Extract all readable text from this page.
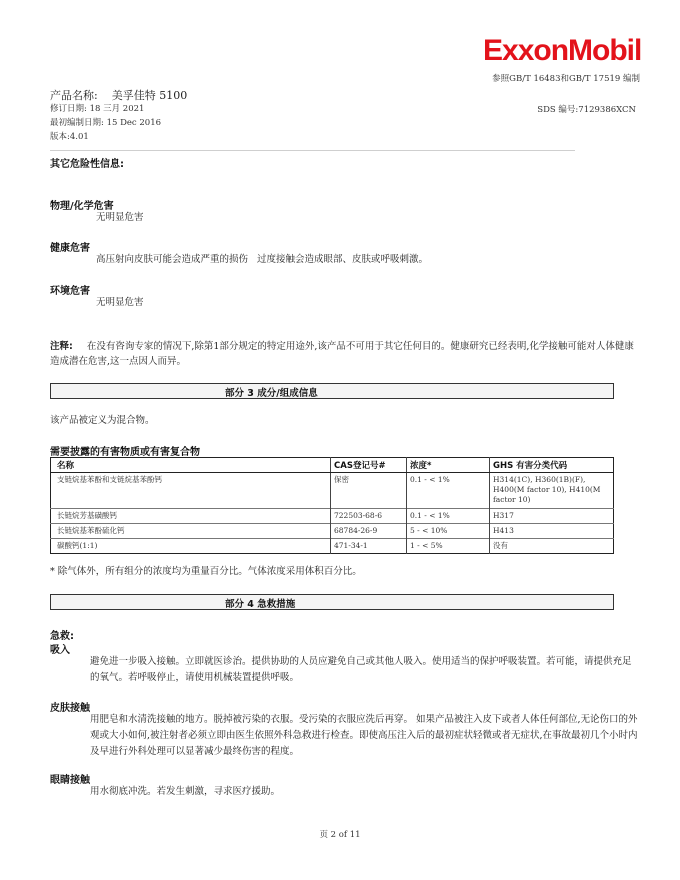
ExxonMobil
参照GB/T 16483和GB/T 17519 编制
产品名称: 美孚佳特 5100
修订日期: 18 三月 2021
最初编制日期: 15 Dec 2016
版本:4.01
SDS 编号:7129386XCN
其它危险性信息:
物理/化学危害
无明显危害
健康危害
高压射向皮肤可能会造成严重的损伤   过度接触会造成眼部、皮肤或呼吸刺激。
环境危害
无明显危害
注释: 在没有咨询专家的情况下,除第1部分规定的特定用途外,该产品不可用于其它任何目的。健康研究已经表明,化学接触可能对人体健康造成潜在危害,这一点因人而异。
部分 3 成分/组成信息
该产品被定义为混合物。
需要披露的有害物质或有害复合物
名称	CAS登记号#	浓度*	GHS 有害分类代码
支链烷基苯酚和支链烷基苯酚钙	保密	0.1 - < 1%	H314(1C), H360(1B)(F), H400(M factor 10), H410(M factor 10)
长链烷芳基磺酸钙	722503-68-6	0.1 - < 1%	H317
长链烷基苯酚硫化钙	68784-26-9	5 - < 10%	H413
碳酸钙(1:1)	471-34-1	1 - < 5%	没有
* 除气体外，所有组分的浓度均为重量百分比。气体浓度采用体积百分比。
部分 4 急救措施
急救:
吸入
避免进一步吸入接触。立即就医诊治。提供协助的人员应避免自己或其他人吸入。使用适当的保护呼吸装置。若可能，请提供充足的氧气。若呼吸停止，请使用机械装置提供呼吸。
皮肤接触
用肥皂和水清洗接触的地方。脱掉被污染的衣服。受污染的衣服应洗后再穿。 如果产品被注入皮下或者人体任何部位,无论伤口的外观或大小如何,被注射者必须立即由医生依照外科急救进行检查。即使高压注入后的最初症状轻微或者无症状,在事故最初几个小时内及早进行外科处理可以显著减少最终伤害的程度。
眼睛接触
用水彻底冲洗。若发生刺激，寻求医疗援助。
页 2 of 11
